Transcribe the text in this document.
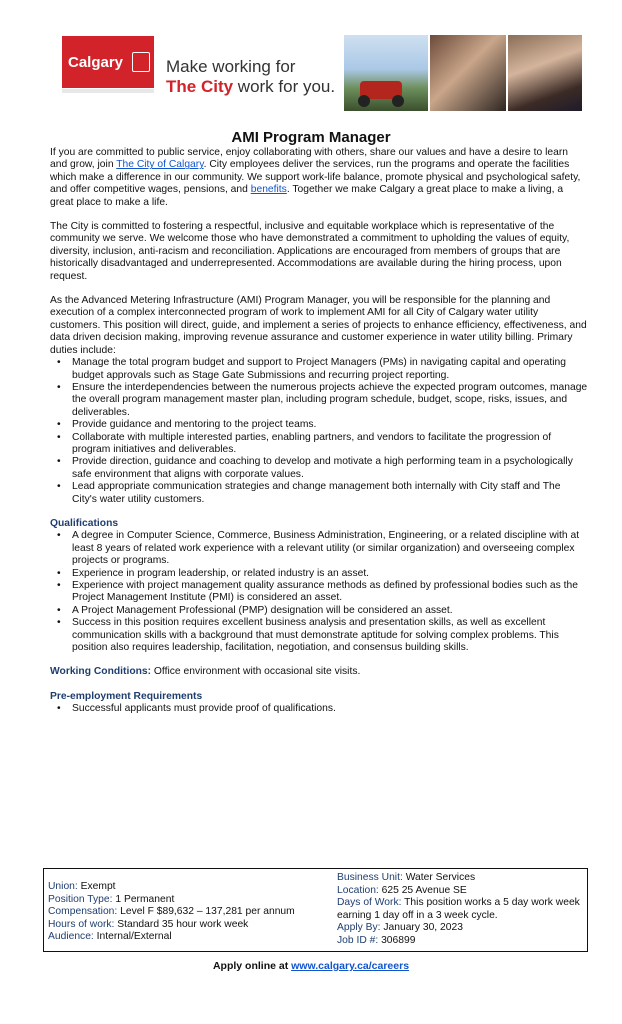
Calgary	Make working for
The City work for you.
AMI Program Manager

If you are committed to public service, enjoy collaborating with others, share our values and have a desire to learn and grow, join The City of Calgary. City employees deliver the services, run the programs and operate the facilities which make a difference in our community. We support work-life balance, promote physical and psychological safety, and offer competitive wages, pensions, and benefits. Together we make Calgary a great place to make a living, a great place to make a life.

The City is committed to fostering a respectful, inclusive and equitable workplace which is representative of the community we serve. We welcome those who have demonstrated a commitment to upholding the values of equity, diversity, inclusion, anti-racism and reconciliation. Applications are encouraged from members of groups that are historically disadvantaged and underrepresented. Accommodations are available during the hiring process, upon request.

As the Advanced Metering Infrastructure (AMI) Program Manager, you will be responsible for the planning and execution of a complex interconnected program of work to implement AMI for all City of Calgary water utility customers. This position will direct, guide, and implement a series of projects to enhance efficiency, effectiveness, and data driven decision making, improving revenue assurance and customer experience in water utility billing. Primary duties include:

• Manage the total program budget and support to Project Managers (PMs) in navigating capital and operating budget approvals such as Stage Gate Submissions and recurring project reporting.
• Ensure the interdependencies between the numerous projects achieve the expected program outcomes, manage the overall program management master plan, including program schedule, budget, scope, risks, issues, and deliverables.
• Provide guidance and mentoring to the project teams.
• Collaborate with multiple interested parties, enabling partners, and vendors to facilitate the progression of program initiatives and deliverables.
• Provide direction, guidance and coaching to develop and motivate a high performing team in a psychologically safe environment that aligns with corporate values.
• Lead appropriate communication strategies and change management both internally with City staff and The City's water utility customers.

Qualifications

• A degree in Computer Science, Commerce, Business Administration, Engineering, or a related discipline with at least 8 years of related work experience with a relevant utility (or similar organization) and overseeing complex projects or programs.
• Experience in program leadership, or related industry is an asset.
• Experience with project management quality assurance methods as defined by professional bodies such as the Project Management Institute (PMI) is considered an asset.
• A Project Management Professional (PMP) designation will be considered an asset.
• Success in this position requires excellent business analysis and presentation skills, as well as excellent communication skills with a background that must demonstrate aptitude for solving complex problems. This position also requires leadership, facilitation, negotiation, and consensus building skills.

Working Conditions: Office environment with occasional site visits.

Pre-employment Requirements

• Successful applicants must provide proof of qualifications.
Union: Exempt
Position Type: 1 Permanent
Compensation: Level F $89,632 – 137,281 per annum
Hours of work: Standard 35 hour work week
Audience: Internal/External
Business Unit: Water Services
Location: 625 25 Avenue SE
Days of Work: This position works a 5 day work week earning 1 day off in a 3 week cycle.
Apply By: January 30, 2023
Job ID #: 306899
Apply online at www.calgary.ca/careers
